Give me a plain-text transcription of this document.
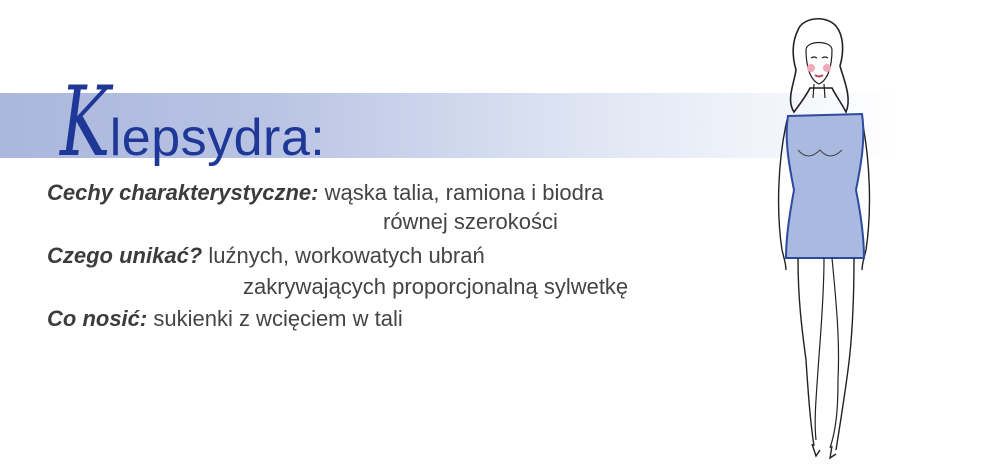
Klepsydra:
Cechy charakterystyczne: wąska talia, ramiona i biodra
równej szerokości
Czego unikać? luźnych, workowatych ubrań
zakrywających proporcjonalną sylwetkę
Co nosić: sukienki z wcięciem w tali
